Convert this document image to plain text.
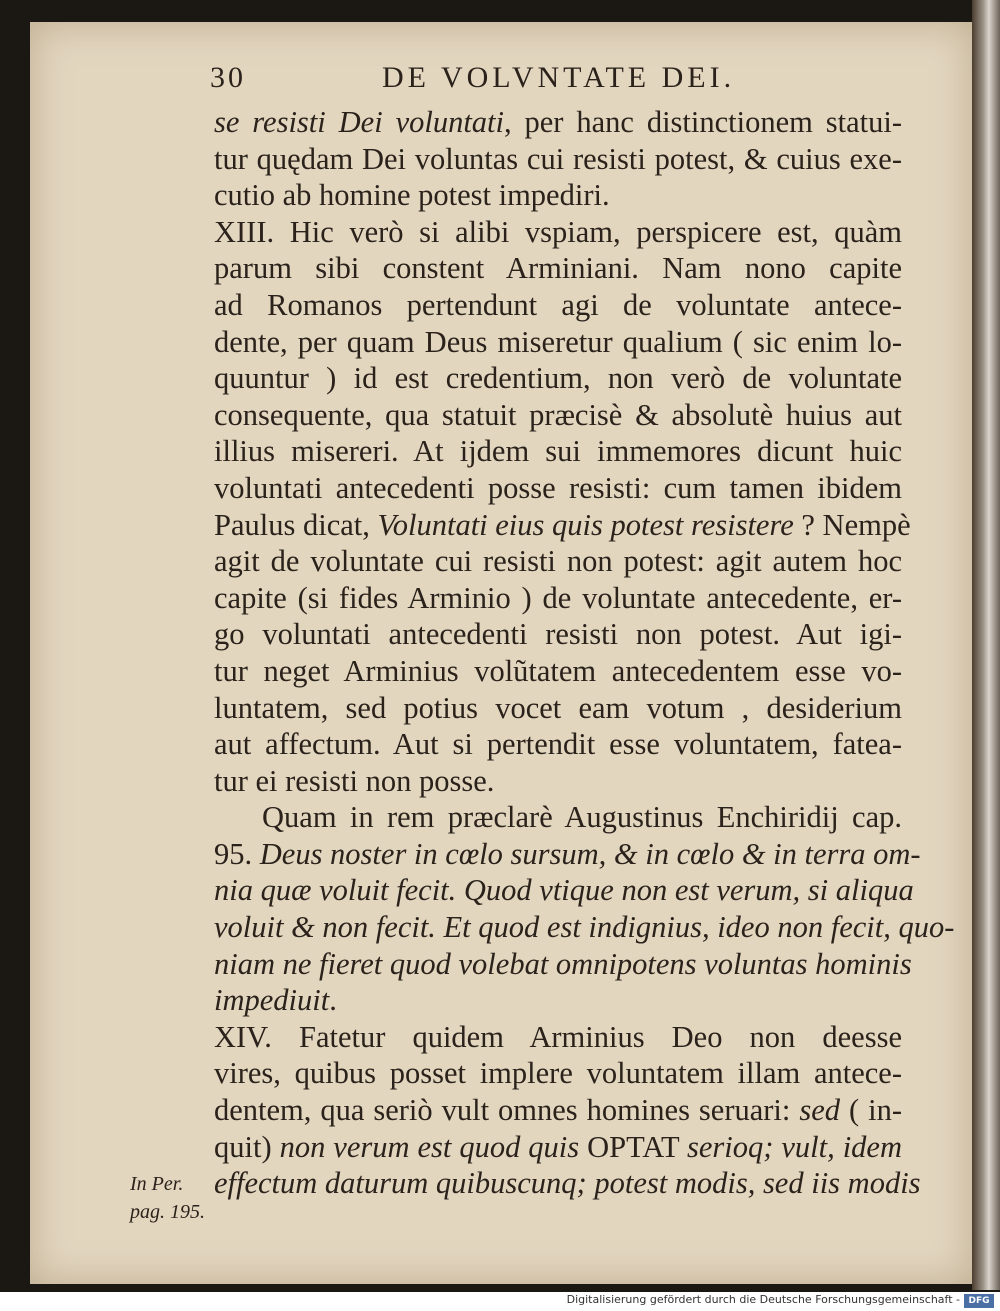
30	DE VOLVNTATE DEI.
se resisti Dei voluntati, per hanc distinctionem statui-
tur quędam Dei voluntas cui resisti potest, & cuius exe-
cutio ab homine potest impediri.
XIII. Hic verò si alibi vspiam, perspicere est, quàm
parum sibi constent Arminiani. Nam nono capite
ad Romanos pertendunt agi de voluntate antece-
dente, per quam Deus miseretur qualium ( sic enim lo-
quuntur ) id est credentium, non verò de voluntate
consequente, qua statuit præcisè & absolutè huius aut
illius misereri. At ijdem sui immemores dicunt huic
voluntati antecedenti posse resisti: cum tamen ibidem
Paulus dicat, Voluntati eius quis potest resistere ? Nempè
agit de voluntate cui resisti non potest: agit autem hoc
capite (si fides Arminio ) de voluntate antecedente, er-
go voluntati antecedenti resisti non potest. Aut igi-
tur neget Arminius volũtatem antecedentem esse vo-
luntatem, sed potius vocet eam votum , desiderium
aut affectum. Aut si pertendit esse voluntatem, fatea-
tur ei resisti non posse.
Quam in rem præclarè Augustinus Enchiridij cap.
95. Deus noster in cœlo sursum, & in cœlo & in terra om-
nia quæ voluit fecit. Quod vtique non est verum, si aliqua
voluit & non fecit. Et quod est indignius, ideo non fecit, quo-
niam ne fieret quod volebat omnipotens voluntas hominis
impediuit.
XIV. Fatetur quidem Arminius Deo non deesse
vires, quibus posset implere voluntatem illam antece-
dentem, qua seriò vult omnes homines seruari: sed ( in-
quit) non verum est quod quis OPTAT serioq; vult, idem
effectum daturum quibuscunq; potest modis, sed iis modis
In Per.
pag. 195.
Digitalisierung gefördert durch die Deutsche Forschungsgemeinschaft - DFG
